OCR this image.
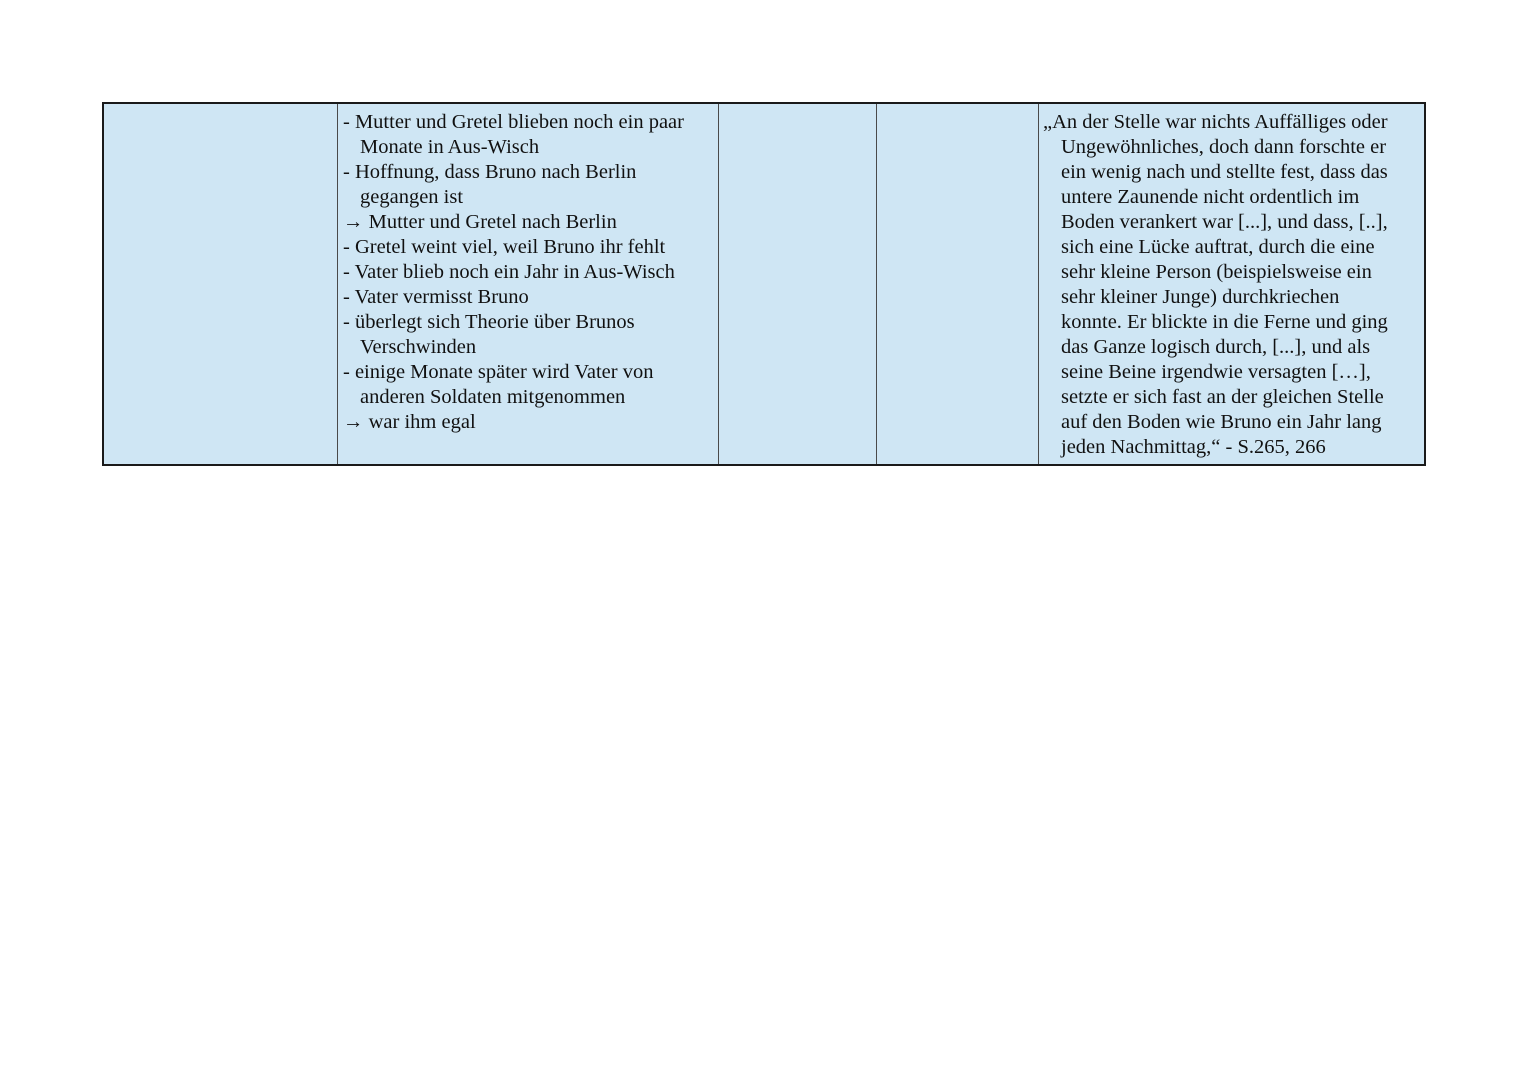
- Mutter und Gretel blieben noch ein paar
Monate in Aus-Wisch
- Hoffnung, dass Bruno nach Berlin
gegangen ist
→ Mutter und Gretel nach Berlin
- Gretel weint viel, weil Bruno ihr fehlt
- Vater blieb noch ein Jahr in Aus-Wisch
- Vater vermisst Bruno
- überlegt sich Theorie über Brunos
Verschwinden
- einige Monate später wird Vater von
anderen Soldaten mitgenommen
→ war ihm egal
„An der Stelle war nichts Auffälliges oder
Ungewöhnliches, doch dann forschte er
ein wenig nach und stellte fest, dass das
untere Zaunende nicht ordentlich im
Boden verankert war [...], und dass, [..],
sich eine Lücke auftrat, durch die eine
sehr kleine Person (beispielsweise ein
sehr kleiner Junge) durchkriechen
konnte. Er blickte in die Ferne und ging
das Ganze logisch durch, [...], und als
seine Beine irgendwie versagten […],
setzte er sich fast an der gleichen Stelle
auf den Boden wie Bruno ein Jahr lang
jeden Nachmittag,“ - S.265, 266
